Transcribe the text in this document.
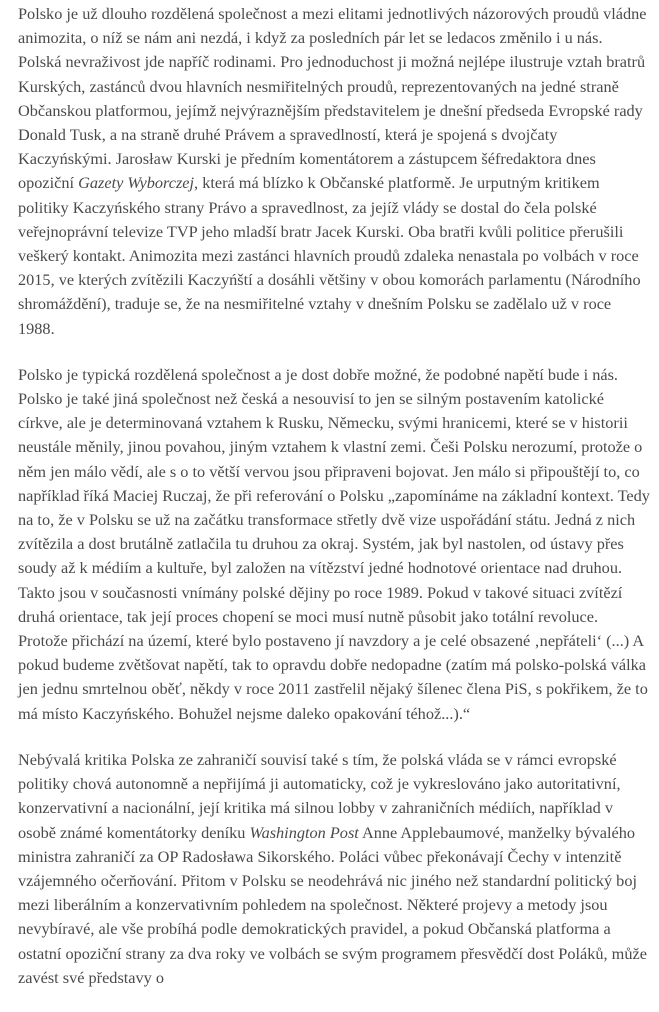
Polsko je už dlouho rozdělená společnost a mezi elitami jednotlivých názorových proudů vládne animozita, o níž se nám ani nezdá, i když za posledních pár let se ledacos změnilo i u nás. Polská nevraživost jde napříč rodinami. Pro jednoduchost ji možná nejlépe ilustruje vztah bratrů Kurských, zastánců dvou hlavních nesmiřitelných proudů, reprezentovaných na jedné straně Občanskou platformou, jejímž nejvýraznějším představitelem je dnešní předseda Evropské rady Donald Tusk, a na straně druhé Právem a spravedlností, která je spojená s dvojčaty Kaczyńskými. Jarosław Kurski je předním komentátorem a zástupcem šéfredaktora dnes opoziční Gazety Wyborczej, která má blízko k Občanské platformě. Je urputným kritikem politiky Kaczyńského strany Právo a spravedlnost, za jejíž vlády se dostal do čela polské veřejnoprávní televize TVP jeho mladší bratr Jacek Kurski. Oba bratři kvůli politice přerušili veškerý kontakt. Animozita mezi zastánci hlavních proudů zdaleka nenastala po volbách v roce 2015, ve kterých zvítězili Kaczyńští a dosáhli většiny v obou komorách parlamentu (Národního shromáždění), traduje se, že na nesmiřitelné vztahy v dnešním Polsku se zadělalo už v roce 1988.

Polsko je typická rozdělená společnost a je dost dobře možné, že podobné napětí bude i nás. Polsko je také jiná společnost než česká a nesouvisí to jen se silným postavením katolické církve, ale je determinovaná vztahem k Rusku, Německu, svými hranicemi, které se v historii neustále měnily, jinou povahou, jiným vztahem k vlastní zemi. Češi Polsku nerozumí, protože o něm jen málo vědí, ale s o to větší vervou jsou připraveni bojovat. Jen málo si připouštějí to, co například říká Maciej Ruczaj, že při referování o Polsku „zapomínáme na základní kontext. Tedy na to, že v Polsku se už na začátku transformace střetly dvě vize uspořádání státu. Jedná z nich zvítězila a dost brutálně zatlačila tu druhou za okraj. Systém, jak byl nastolen, od ústavy přes soudy až k médiím a kultuře, byl založen na vítězství jedné hodnotové orientace nad druhou. Takto jsou v současnosti vnímány polské dějiny po roce 1989. Pokud v takové situaci zvítězí druhá orientace, tak její proces chopení se moci musí nutně působit jako totální revoluce. Protože přichází na území, které bylo postaveno jí navzdory a je celé obsazené ‚nepřáteli‘ (...) A pokud budeme zvětšovat napětí, tak to opravdu dobře nedopadne (zatím má polsko-polská válka jen jednu smrtelnou oběť, někdy v roce 2011 zastřelil nějaký šílenec člena PiS, s pokřikem, že to má místo Kaczyńského. Bohužel nejsme daleko opakování téhož...).“

Nebývalá kritika Polska ze zahraničí souvisí také s tím, že polská vláda se v rámci evropské politiky chová autonomně a nepřijímá ji automaticky, což je vykreslováno jako autoritativní, konzervativní a nacionální, její kritika má silnou lobby v zahraničních médiích, například v osobě známé komentátorky deníku Washington Post Anne Applebaumové, manželky bývalého ministra zahraničí za OP Radosława Sikorského. Poláci vůbec překonávají Čechy v intenzitě vzájemného očerňování. Přitom v Polsku se neodehrává nic jiného než standardní politický boj mezi liberálním a konzervativním pohledem na společnost. Některé projevy a metody jsou nevybíravé, ale vše probíhá podle demokratických pravidel, a pokud Občanská platforma a ostatní opoziční strany za dva roky ve volbách se svým programem přesvědčí dost Poláků, může zavést své představy o
